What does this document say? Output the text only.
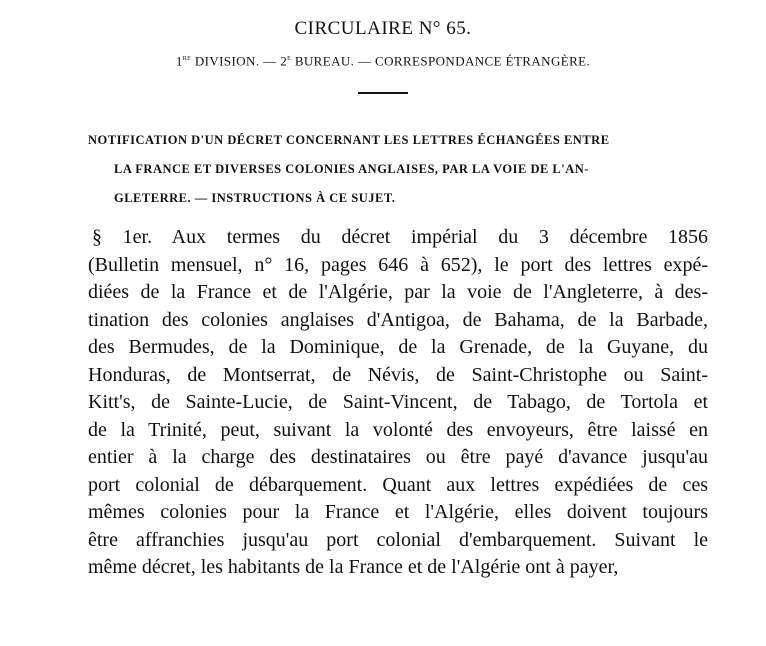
CIRCULAIRE N° 65.
1re DIVISION. — 2e BUREAU. — CORRESPONDANCE ÉTRANGÈRE.
NOTIFICATION D'UN DÉCRET CONCERNANT LES LETTRES ÉCHANGÉES ENTRE
LA FRANCE ET DIVERSES COLONIES ANGLAISES, PAR LA VOIE DE L'AN-
GLETERRE. — INSTRUCTIONS À CE SUJET.
§ 1er. Aux termes du décret impérial du 3 décembre 1856
(Bulletin mensuel, n° 16, pages 646 à 652), le port des lettres expé-
diées de la France et de l'Algérie, par la voie de l'Angleterre, à des-
tination des colonies anglaises d'Antigoa, de Bahama, de la Barbade,
des Bermudes, de la Dominique, de la Grenade, de la Guyane, du
Honduras, de Montserrat, de Névis, de Saint-Christophe ou Saint-
Kitt's, de Sainte-Lucie, de Saint-Vincent, de Tabago, de Tortola et
de la Trinité, peut, suivant la volonté des envoyeurs, être laissé en
entier à la charge des destinataires ou être payé d'avance jusqu'au
port colonial de débarquement. Quant aux lettres expédiées de ces
mêmes colonies pour la France et l'Algérie, elles doivent toujours
être affranchies jusqu'au port colonial d'embarquement. Suivant le
même décret, les habitants de la France et de l'Algérie ont à payer,
